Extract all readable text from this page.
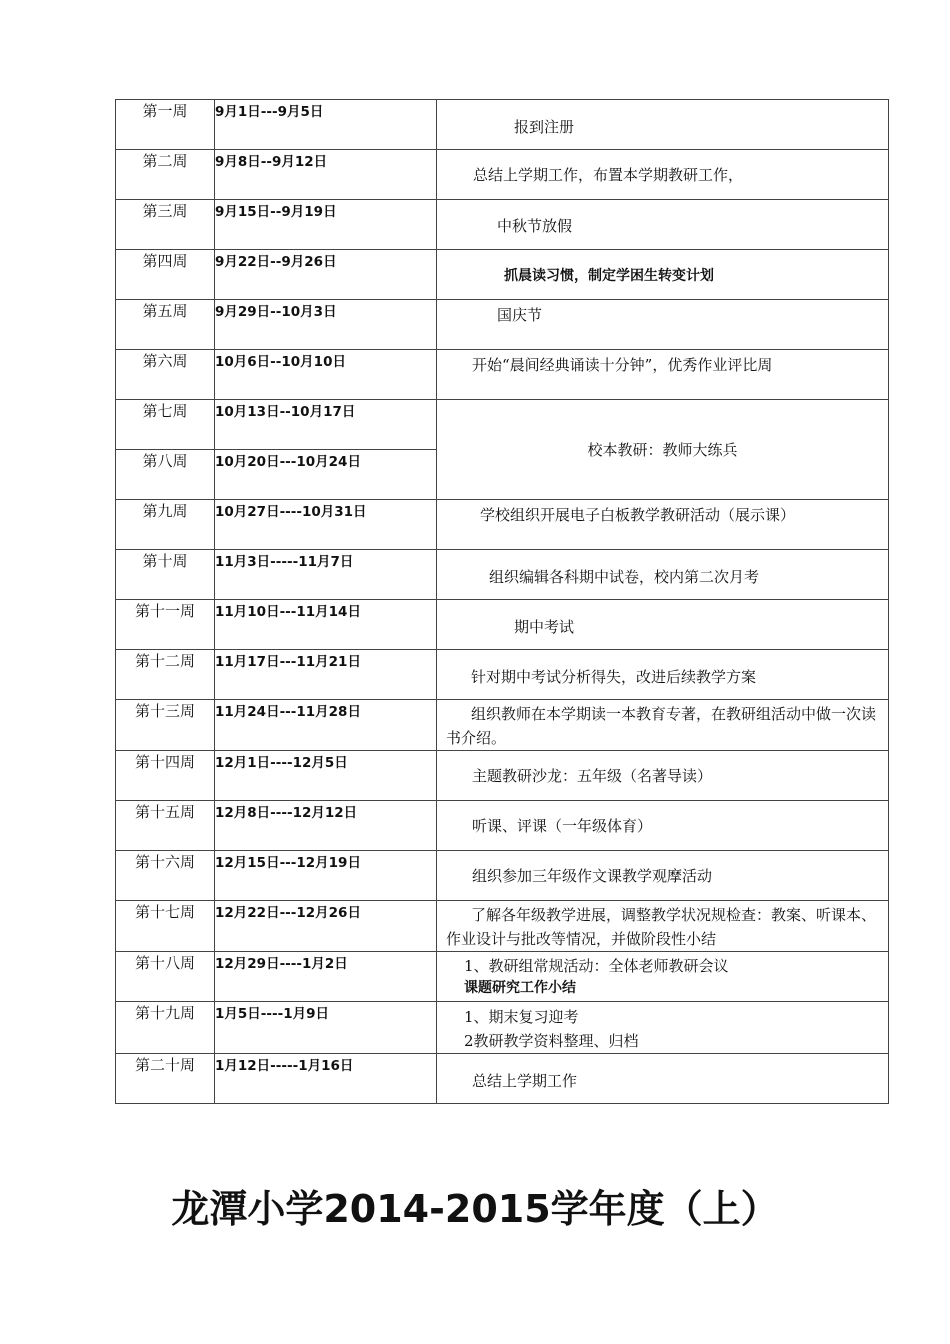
第一周	9月1日---9月5日	报到注册

第二周	9月8日--9月12日	总结上学期工作，布置本学期教研工作，

第三周	9月15日--9月19日	中秋节放假

第四周	9月22日--9月26日	抓晨读习惯，制定学困生转变计划

第五周	9月29日--10月3日	国庆节

第六周	10月6日--10月10日	开始“晨间经典诵读十分钟”，优秀作业评比周

第七周	10月13日--10月17日	校本教研：教师大练兵
第八周	10月20日---10月24日	
第九周	10月27日----10月31日	学校组织开展电子白板教学教研活动（展示课）

第十周	11月3日-----11月7日	组织编辑各科期中试卷，校内第二次月考

第十一周	11月10日---11月14日	期中考试

第十二周	11月17日---11月21日	针对期中考试分析得失，改进后续教学方案

第十三周	11月24日---11月28日	组织教师在本学期读一本教育专著，在教研组活动中做一次读书介绍。

第十四周	12月1日----12月5日	主题教研沙龙：五年级（名著导读）

第十五周	12月8日----12月12日	听课、评课（一年级体育）

第十六周	12月15日---12月19日	组织参加三年级作文课教学观摩活动

第十七周	12月22日---12月26日	了解各年级教学进展，调整教学状况规检查：教案、听课本、作业设计与批改等情况，并做阶段性小结

第十八周	12月29日----1月2日	1、教研组常规活动：全体老师教研会议
课题研究工作小结

第十九周	1月5日----1月9日	1、期末复习迎考
2教研教学资料整理、归档

第二十周	1月12日-----1月16日	总结上学期工作
龙潭小学2014-2015学年度（上）
